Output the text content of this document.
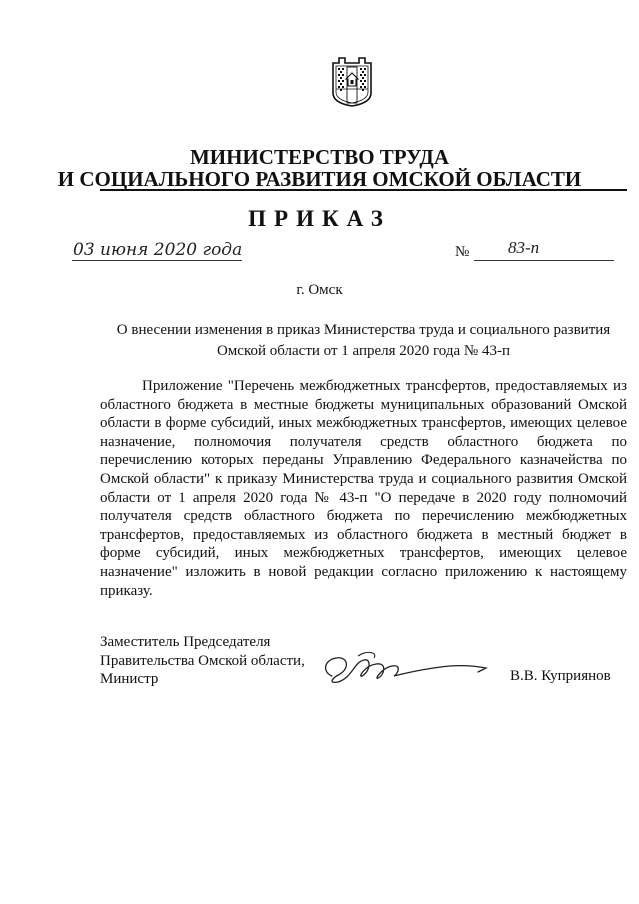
МИНИСТЕРСТВО ТРУДА
И СОЦИАЛЬНОГО РАЗВИТИЯ ОМСКОЙ ОБЛАСТИ
ПРИКАЗ
03 июня 2020 года	№ 83-п
г. Омск
О внесении изменения в приказ Министерства труда и социального развития Омской области от 1 апреля 2020 года № 43-п
Приложение "Перечень межбюджетных трансфертов, предоставляемых из областного бюджета в местные бюджеты муниципальных образований Омской области в форме субсидий, иных межбюджетных трансфертов, имеющих целевое назначение, полномочия получателя средств областного бюджета по перечислению которых переданы Управлению Федерального казначейства по Омской области" к приказу Министерства труда и социального развития Омской области от 1 апреля 2020 года № 43-п "О передаче в 2020 году полномочий получателя средств областного бюджета по перечислению межбюджетных трансфертов, предоставляемых из областного бюджета в местный бюджет в форме субсидий, иных межбюджетных трансфертов, имеющих целевое назначение" изложить в новой редакции согласно приложению к настоящему приказу.
Заместитель Председателя
Правительства Омской области,
Министр	В.В. Куприянов
